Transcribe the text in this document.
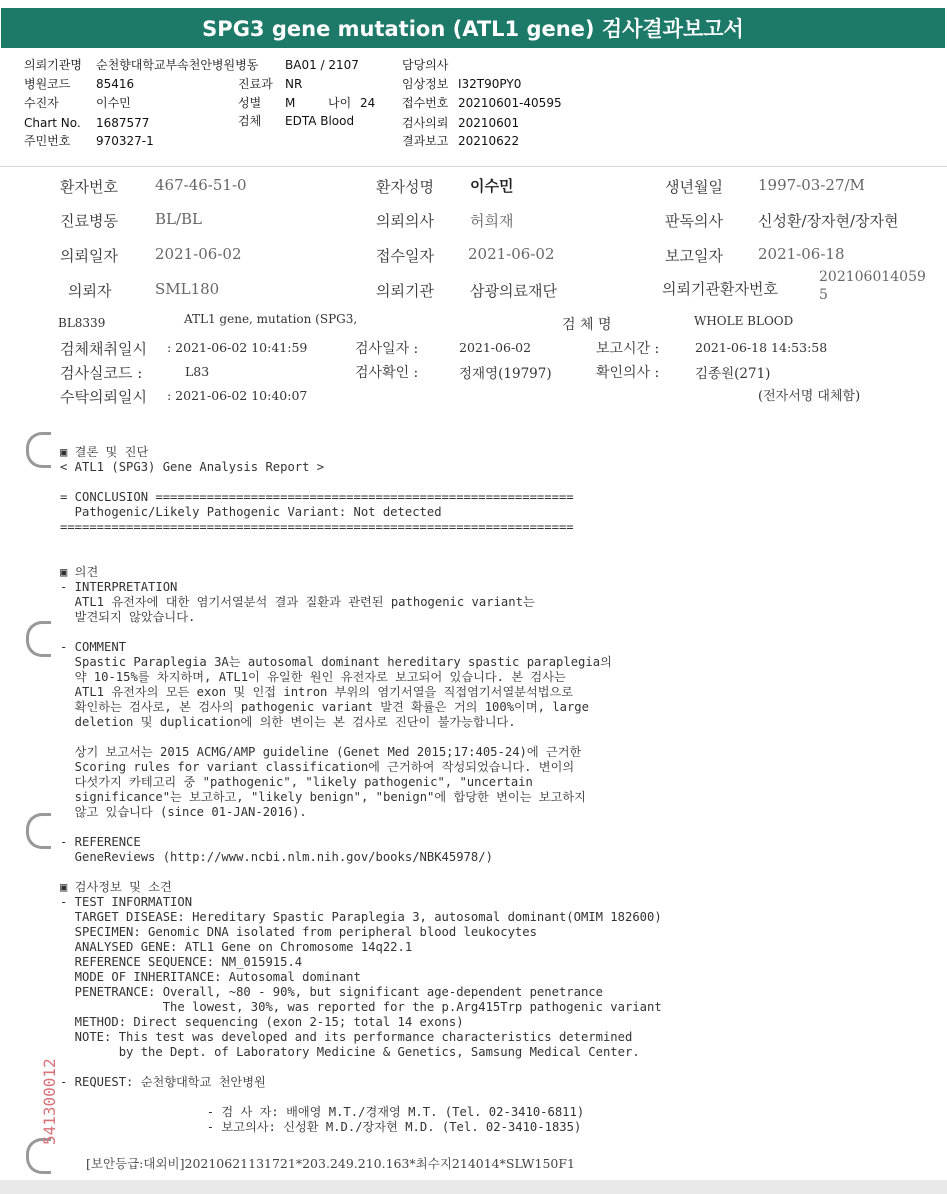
SPG3 gene mutation (ATL1 gene) 검사결과보고서
의뢰기관명 순천향대학교부속천안병원병동 BA01 / 2107	담당의사
병원코드 85416	진료과 NR	임상정보 I32T90PY0
수진자	이수민	성별 M	나이 24 접수번호 20210601-40595
Chart No. 1687577	검체 EDTA Blood	검사의뢰 20210601
주민번호 970327-1	결과보고 20210622
환자번호 467-46-51-0	환자성명 이수민	생년월일 1997-03-27/M
진료병동 BL/BL	의뢰의사 허희재	판독의사 신성환/장자현/장자현
의뢰일자 2021-06-02	접수일자 2021-06-02	보고일자 2021-06-18
의뢰자	SML180	의뢰기관 삼광의료재단	의뢰기관환자번호
202106014059
5
BL8339	ATL1 gene, mutation (SPG3,	검 체 명	WHOLE BLOOD
검체채취일시 : 2021-06-02 10:41:59	검사일자 :	2021-06-02	보고시간 :	2021-06-18 14:53:58
검사실코드 :	L83	검사확인 :	정재영(19797)	확인의사 :	김종원(271)
수탁의뢰일시 : 2021-06-02 10:40:07	(전자서명 대체함)
▣ 결론 및 진단
< ATL1 (SPG3) Gene Analysis Report >

= CONCLUSION =========================================================
Pathogenic/Likely Pathogenic Variant: Not detected
======================================================================

▣ 의견
- INTERPRETATION
ATL1 유전자에 대한 염기서열분석 결과 질환과 관련된 pathogenic variant는
발견되지 않았습니다.

- COMMENT
Spastic Paraplegia 3A는 autosomal dominant hereditary spastic paraplegia의
약 10-15%를 차지하며, ATL1이 유일한 원인 유전자로 보고되어 있습니다. 본 검사는
ATL1 유전자의 모든 exon 및 인접 intron 부위의 염기서열을 직접염기서열분석법으로
확인하는 검사로, 본 검사의 pathogenic variant 발견 확률은 거의 100%이며, large
deletion 및 duplication에 의한 변이는 본 검사로 진단이 불가능합니다.

상기 보고서는 2015 ACMG/AMP guideline (Genet Med 2015;17:405-24)에 근거한
Scoring rules for variant classification에 근거하여 작성되었습니다. 변이의
다섯가지 카테고리 중 "pathogenic", "likely pathogenic", "uncertain
significance"는 보고하고, "likely benign", "benign"에 합당한 변이는 보고하지
않고 있습니다 (since 01-JAN-2016).

- REFERENCE
GeneReviews (http://www.ncbi.nlm.nih.gov/books/NBK45978/)

▣ 검사정보 및 소견
- TEST INFORMATION
TARGET DISEASE: Hereditary Spastic Paraplegia 3, autosomal dominant(OMIM 182600)
SPECIMEN: Genomic DNA isolated from peripheral blood leukocytes
ANALYSED GENE: ATL1 Gene on Chromosome 14q22.1
REFERENCE SEQUENCE: NM_015915.4
MODE OF INHERITANCE: Autosomal dominant
PENETRANCE: Overall, ~80 - 90%, but significant age-dependent penetrance
The lowest, 30%, was reported for the p.Arg415Trp pathogenic variant
METHOD: Direct sequencing (exon 2-15; total 14 exons)
NOTE: This test was developed and its performance characteristics determined
by the Dept. of Laboratory Medicine & Genetics, Samsung Medical Center.

- REQUEST: 순천향대학교 천안병원

- 검 사 자: 배애영 M.T./경재영 M.T. (Tel. 02-3410-6811)
- 보고의사: 신성환 M.D./장자현 M.D. (Tel. 02-3410-1835)
541300012
[보안등급:대외비]20210621131721*203.249.210.163*최수지214014*SLW150F1
